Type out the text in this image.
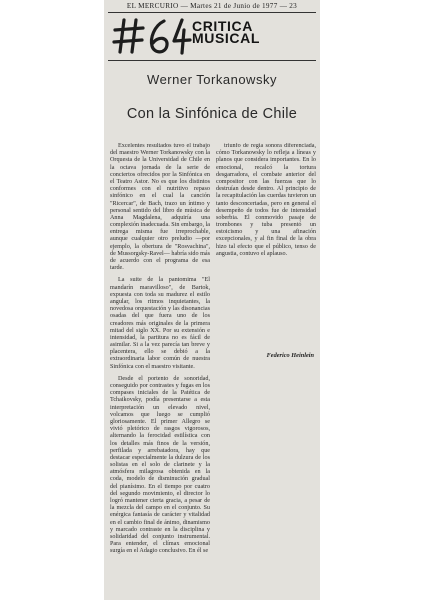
EL MERCURIO — Martes 21 de Junio de 1977 — 23
CRITICA
MUSICAL
Werner Torkanowsky
Con la Sinfónica de Chile

Excelentes resultados tuvo el trabajo del maestro Werner Torkanowsky con la Orquesta de la Universidad de Chile en la octava jornada de la serie de conciertos ofrecidos por la Sinfónica en el Teatro Astor. No es que los distintos conformes con el nutritivo repaso sinfónico en el cual la canción "Ricercar", de Bach, trazo un íntimo y personal sentido del libro de música de Anna Magdalena, adquiría una complexión inadecuada. Sin embargo, la entrega misma fue irreprochable, aunque cualquier otro preludio —por ejemplo, la obertura de "Rosvachina", de Mussorgsky-Ravel— habría sido más de acuerdo con el programa de esa tarde.

La suite de la pantomima "El mandarín maravilloso", de Bartok, expuesta con toda su madurez el estilo angular, los ritmos inquietantes, la novedosa orquestación y las disonancias osadas del que fuera uno de los creadores más originales de la primera mitad del siglo XX. Por su extensión e intensidad, la partitura no es fácil de asimilar. Si a la vez parecía tan breve y placentera, ello se debió a la extraordinaria labor común de nuestra Sinfónica con el maestro visitante.

Desde el portento de sonoridad, conseguido por contrastes y fugas en los compases iniciales de la Patética de Tchaikovsky, podía presentarse a esta interpretación un elevado nivel, volcamos que luego se cumplió gloriosamente. El primer Allegro se vivió pletórico de rasgos vigorosos, alternando la ferocidad estilística con los detalles más finos de la versión, perfilada y arrebatadora, hay que destacar especialmente la dulzura de los solistas en el solo de clarinete y la atmósfera milagrosa obtenida en la coda, modelo de disminución gradual del pianísimo. En el tiempo por cuatro del segundo movimiento, el director lo logró mantener cierta gracia, a pesar de la mezcla del campo en el conjunto. Su enérgica fantasía de carácter y vitalidad en el cambio final de ánimo, dinamismo y marcado contraste en la disciplina y solidaridad del conjunto instrumental. Para entender, el clímax emocional surgía en el Adagio conclusivo. En él se

triunfo de regia sonora diferenciada, cómo Torkanowsky lo refleja a líneas y planos que considera importantes. En lo emocional, recalcó la tortura desgarradora, el combate anterior del compositor con las fuerzas que lo destruían desde dentro. Al principio de la recapitulación las cuerdas tuvieron un tanto desconcertadas, pero en general el desempeño de todos fue de intensidad soberbia. El conmovido pasaje de trombones y tuba presentó un estoicismo y una afinación excepcionales, y al fin final de la obra hizo tal efecto que el público, tenso de angustia, contuvo el aplauso.

Federico Heinlein
